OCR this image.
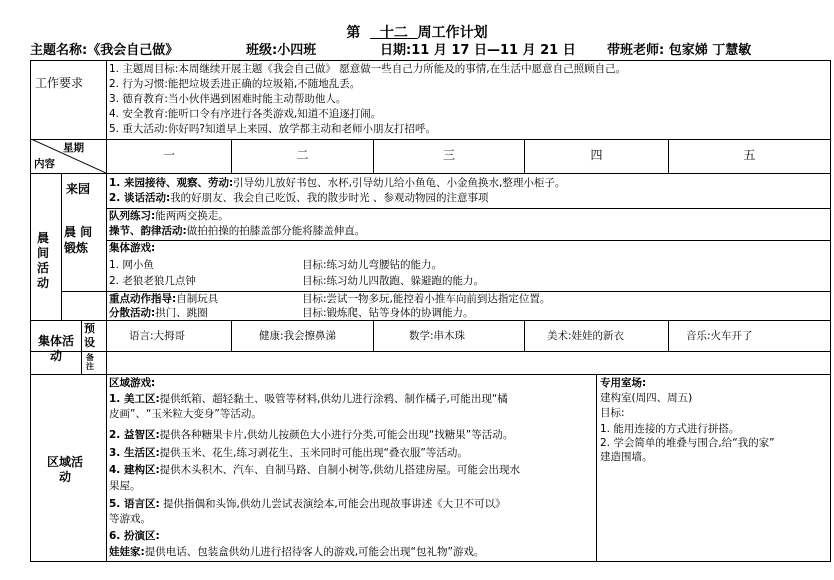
第 十二 周工作计划
主题名称:《我会自己做》	班级:小四班	日期:11 月 17 日—11 月 21 日 带班老师: 包家娣 丁慧敏
工作要求
1. 主题周目标:本周继续开展主题《我会自己做》 愿意做一些自己力所能及的事情,在生活中愿意自己照顾自己。
2. 行为习惯:能把垃圾丢进正确的垃圾箱,不随地乱丢。
3. 德育教育:当小伙伴遇到困难时能主动帮助他人。
4. 安全教育:能听口令有序进行各类游戏,知道不追逐打闹。
5. 重大活动:你好吗?知道早上来园、放学都主动和老师小朋友打招呼。
星期
内容
一	二	三	四	五
晨间活动
来园 1. 来园接待、观察、劳动:引导幼儿放好书包、水杯,引导幼儿给小鱼龟、小金鱼换水,整理小柜子。
2. 谈话活动:我的好朋友、我会自己吃饭、我的散步时光 、参观动物园的注意事项
晨 间锻炼
队列练习:能两两交换走。
操节、韵律活动:做拍拍操的拍膝盖部分能将膝盖伸直。
集体游戏:
1. 网小鱼	目标:练习幼儿弯腰钻的能力。
2. 老狼老狼几点钟	目标:练习幼儿四散跑、躲避跑的能力。
重点动作指导:自制玩具	目标:尝试一物多玩,能控着小推车向前到达指定位置。
分散活动:拱门、跳圈	目标:锻炼爬、钻等身体的协调能力。
集体活动
预设
备注
语言:大拇哥	健康:我会擦鼻涕	数学:串木珠	美术:娃娃的新衣	音乐:火车开了
区域活动
区域游戏:
1. 美工区:提供纸箱、超轻黏土、吸管等材料,供幼儿进行涂鸦、制作橘子,可能出现“橘
皮画”、“玉米粒大变身”等活动。
2. 益智区:提供各种糖果卡片,供幼儿按颜色大小进行分类,可能会出现“找糖果”等活动。
3. 生活区:提供玉米、花生,练习剥花生、玉米同时可能出现“叠衣服”等活动。
4. 建构区:提供木头积木、汽车、自制马路、自制小树等,供幼儿搭建房屋。可能会出现水
果屋。
5. 语言区: 提供指偶和头饰,供幼儿尝试表演绘本,可能会出现故事讲述《大卫不可以》
等游戏。
6. 扮演区:
娃娃家:提供电话、包装盒供幼儿进行招待客人的游戏,可能会出现“包礼物”游戏。
专用室场:
建构室(周四、周五)
目标:
1. 能用连接的方式进行拼搭。
2. 学会简单的堆叠与围合,给“我的家”
建造围墙。
